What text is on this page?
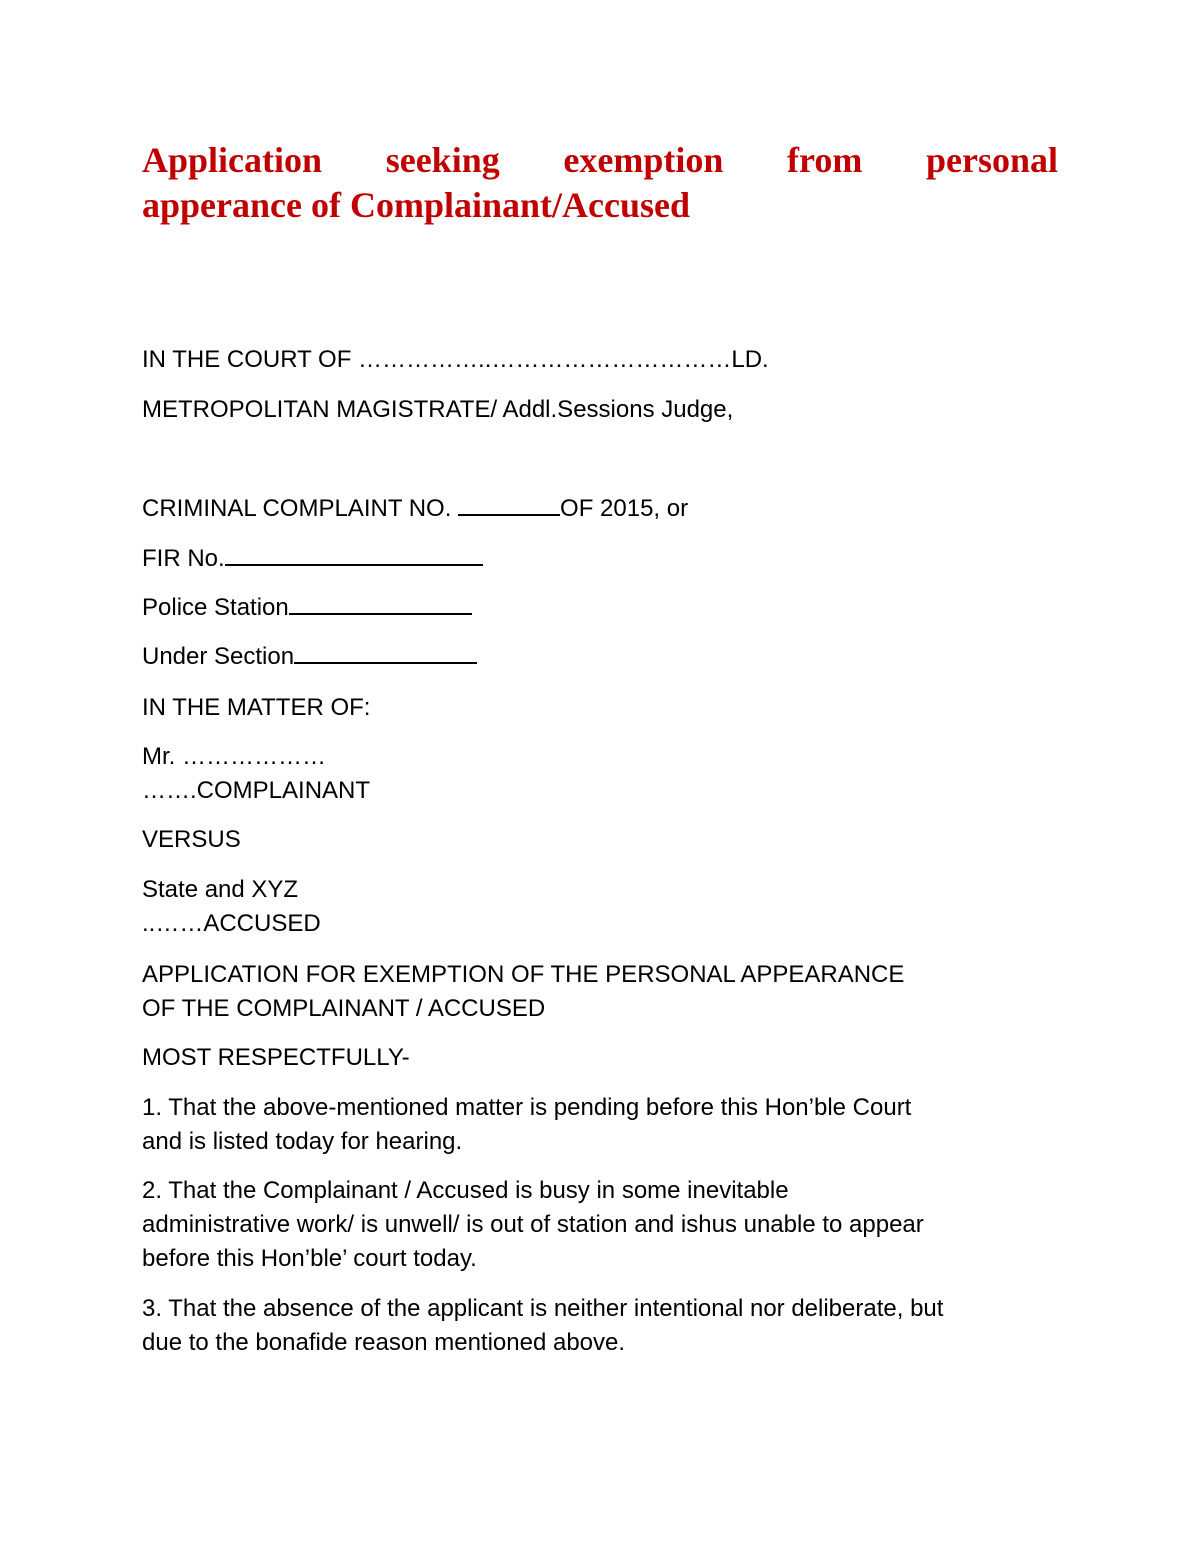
Application seeking exemption from personal
apperance of Complainant/Accused

IN THE COURT OF ……………..…………………………LD.

METROPOLITAN MAGISTRATE/ Addl.Sessions Judge,

CRIMINAL COMPLAINT NO.	OF 2015, or

FIR No.

Police Station

Under Section

IN THE MATTER OF:

Mr. ………………

…….COMPLAINANT

VERSUS

State and XYZ

..……ACCUSED

APPLICATION FOR EXEMPTION OF THE PERSONAL APPEARANCE

OF THE COMPLAINANT / ACCUSED

MOST RESPECTFULLY-

1. That the above-mentioned matter is pending before this Hon’ble Court

and is listed today for hearing.

2. That the Complainant / Accused is busy in some inevitable

administrative work/ is unwell/ is out of station and ishus unable to appear

before this Hon’ble’ court today.

3. That the absence of the applicant is neither intentional nor deliberate, but

due to the bonafide reason mentioned above.
